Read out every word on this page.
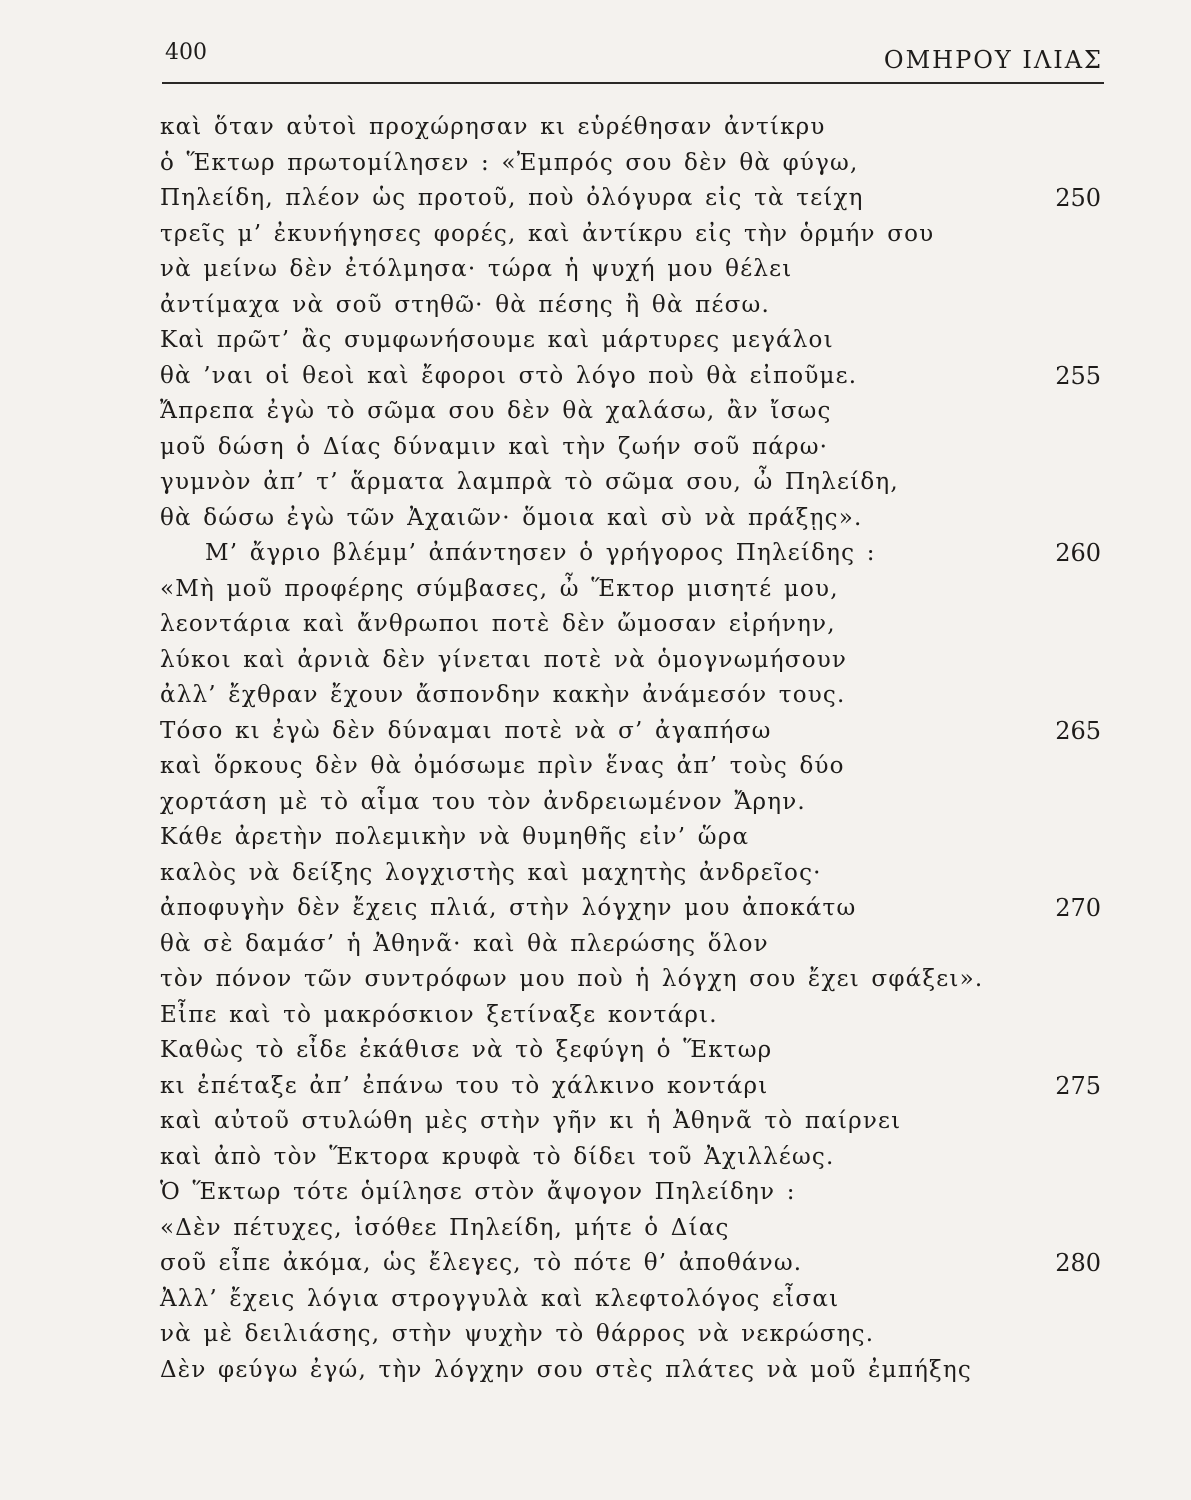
400	ΟΜΗΡΟΥ ΙΛΙΑΣ
καὶ ὅταν αὐτοὶ προχώρησαν κι εὑρέθησαν ἀντίκρυ
ὁ Ἕκτωρ πρωτομίλησεν : «Ἐμπρός σου δὲν θὰ φύγω,
Πηλείδη, πλέον ὡς προτοῦ, ποὺ ὀλόγυρα εἰς τὰ τείχη	250
τρεῖς μ’ ἐκυνήγησες φορές, καὶ ἀντίκρυ εἰς τὴν ὁρμήν σου
νὰ μείνω δὲν ἐτόλμησα· τώρα ἡ ψυχή μου θέλει
ἀντίμαχα νὰ σοῦ στηθῶ· θὰ πέσης ἢ θὰ πέσω.
Καὶ πρῶτ’ ἂς συμφωνήσουμε καὶ μάρτυρες μεγάλοι
θὰ ’ναι οἱ θεοὶ καὶ ἔφοροι στὸ λόγο ποὺ θὰ εἰποῦμε.	255
Ἄπρεπα ἐγὼ τὸ σῶμα σου δὲν θὰ χαλάσω, ἂν ἴσως
μοῦ δώση ὁ Δίας δύναμιν καὶ τὴν ζωήν σοῦ πάρω·
γυμνὸν ἀπ’ τ’ ἅρματα λαμπρὰ τὸ σῶμα σου, ὦ Πηλείδη,
θὰ δώσω ἐγὼ τῶν Ἀχαιῶν· ὅμοια καὶ σὺ νὰ πράξῃς».
Μ’ ἄγριο βλέμμ’ ἀπάντησεν ὁ γρήγορος Πηλείδης :	260
«Μὴ μοῦ προφέρης σύμβασες, ὦ Ἕκτορ μισητέ μου,
λεοντάρια καὶ ἄνθρωποι ποτὲ δὲν ὤμοσαν εἰρήνην,
λύκοι καὶ ἀρνιὰ δὲν γίνεται ποτὲ νὰ ὁμογνωμήσουν
ἀλλ’ ἔχθραν ἔχουν ἄσπονδην κακὴν ἀνάμεσόν τους.
Τόσο κι ἐγὼ δὲν δύναμαι ποτὲ νὰ σ’ ἀγαπήσω	265
καὶ ὅρκους δὲν θὰ ὀμόσωμε πρὶν ἕνας ἀπ’ τοὺς δύο
χορτάση μὲ τὸ αἷμα του τὸν ἀνδρειωμένον Ἄρην.
Κάθε ἀρετὴν πολεμικὴν νὰ θυμηθῆς εἰν’ ὥρα
καλὸς νὰ δείξης λογχιστὴς καὶ μαχητὴς ἀνδρεῖος·
ἀποφυγὴν δὲν ἔχεις πλιά, στὴν λόγχην μου ἀποκάτω	270
θὰ σὲ δαμάσ’ ἡ Ἀθηνᾶ· καὶ θὰ πλερώσης ὅλον
τὸν πόνον τῶν συντρόφων μου ποὺ ἡ λόγχη σου ἔχει σφάξει».
Εἶπε καὶ τὸ μακρόσκιον ξετίναξε κοντάρι.
Καθὼς τὸ εἶδε ἐκάθισε νὰ τὸ ξεφύγη ὁ Ἕκτωρ
κι ἐπέταξε ἀπ’ ἐπάνω του τὸ χάλκινο κοντάρι	275
καὶ αὐτοῦ στυλώθη μὲς στὴν γῆν κι ἡ Ἀθηνᾶ τὸ παίρνει
καὶ ἀπὸ τὸν Ἕκτορα κρυφὰ τὸ δίδει τοῦ Ἀχιλλέως.
Ὁ Ἕκτωρ τότε ὁμίλησε στὸν ἄψογον Πηλείδην :
«Δὲν πέτυχες, ἰσόθεε Πηλείδη, μήτε ὁ Δίας
σοῦ εἶπε ἀκόμα, ὡς ἔλεγες, τὸ πότε θ’ ἀποθάνω.	280
Ἀλλ’ ἔχεις λόγια στρογγυλὰ καὶ κλεφτολόγος εἶσαι
νὰ μὲ δειλιάσης, στὴν ψυχὴν τὸ θάρρος νὰ νεκρώσης.
Δὲν φεύγω ἐγώ, τὴν λόγχην σου στὲς πλάτες νὰ μοῦ ἐμπήξης
